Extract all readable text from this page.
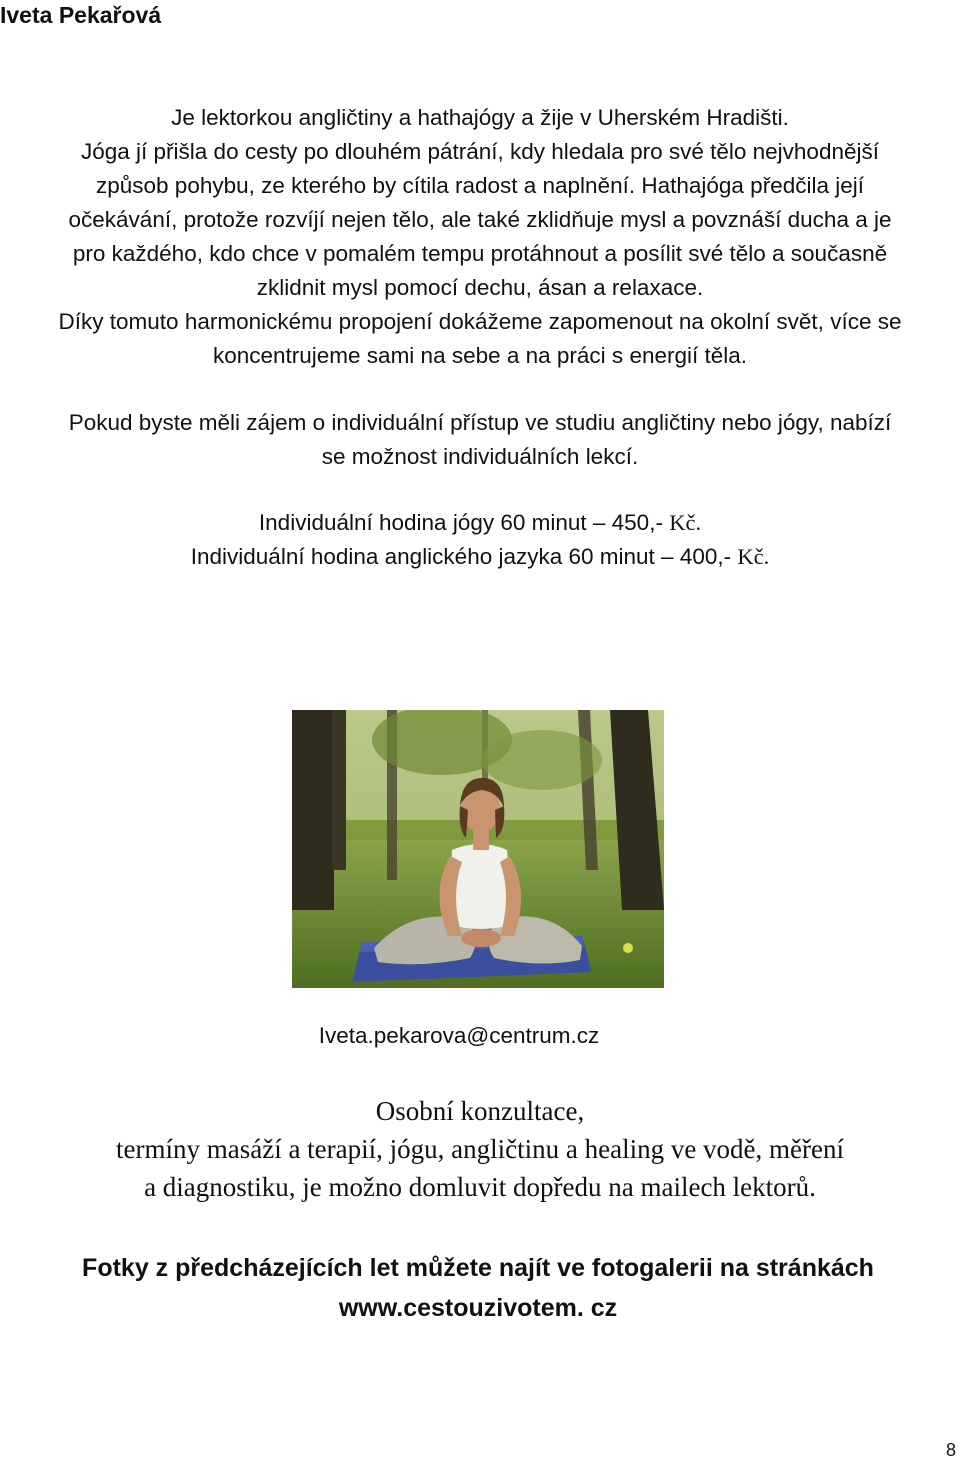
Iveta Pekařová
Je lektorkou angličtiny a hathajógy a žije v Uherském Hradišti.
Jóga jí přišla do cesty po dlouhém pátrání, kdy hledala pro své tělo nejvhodnější
způsob pohybu, ze kterého by cítila radost a naplnění. Hathajóga předčila její
očekávání, protože rozvíjí nejen tělo, ale také zklidňuje mysl a povznáší ducha a je
pro každého, kdo chce v pomalém tempu protáhnout a posílit své tělo a současně
zklidnit mysl pomocí dechu, ásan a relaxace.
Díky tomuto harmonickému propojení dokážeme zapomenout na okolní svět, více se
koncentrujeme sami na sebe a na práci s energií těla.
Pokud byste měli zájem o individuální přístup ve studiu angličtiny nebo jógy, nabízí
se možnost individuálních lekcí.
Individuální hodina jógy 60 minut – 450,- Kč.
Individuální hodina anglického jazyka 60 minut – 400,- Kč.
Iveta.pekarova@centrum.cz
Osobní konzultace,
termíny masáží a terapií, jógu, angličtinu a healing ve vodě, měření
a diagnostiku, je možno domluvit dopředu na mailech lektorů.
Fotky z předcházejících let můžete najít ve fotogalerii na stránkách
www.cestouzivotem. cz
8
